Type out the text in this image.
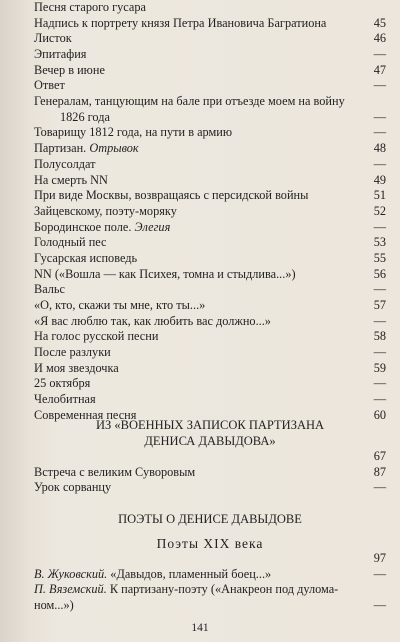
Песня старого гусара
Надпись к портрету князя Петра Ивановича Багратиона	45
Листок	46
Эпитафия	—
Вечер в июне	47
Ответ	—
Генералам, танцующим на бале при отъезде моем на войну
1826 года	—
Товарищу 1812 года, на пути в армию	—
Партизан. Отрывок	48
Полусолдат	—
На смерть NN	49
При виде Москвы, возвращаясь с персидской войны	51
Зайцевскому, поэту-моряку	52
Бородинское поле. Элегия	—
Голодный пес	53
Гусарская исповедь	55
NN («Вошла — как Психея, томна и стыдлива...»)	56
Вальс	—
«О, кто, скажи ты мне, кто ты...»	57
«Я вас люблю так, как любить вас должно...»	—
На голос русской песни	58
После разлуки	—
И моя звездочка	59
25 октября	—
Челобитная	—
Современная песня	60
ИЗ «ВОЕННЫХ ЗАПИСОК ПАРТИЗАНА
ДЕНИСА ДАВЫДОВА»
67
Встреча с великим Суворовым	87
Урок сорванцу	—
ПОЭТЫ О ДЕНИСЕ ДАВЫДОВЕ
Поэты XIX века
97
В. Жуковский. «Давыдов, пламенный боец...»	—
П. Вяземский. К партизану-поэту («Анакреон под дулома-
ном...»)	—
141
